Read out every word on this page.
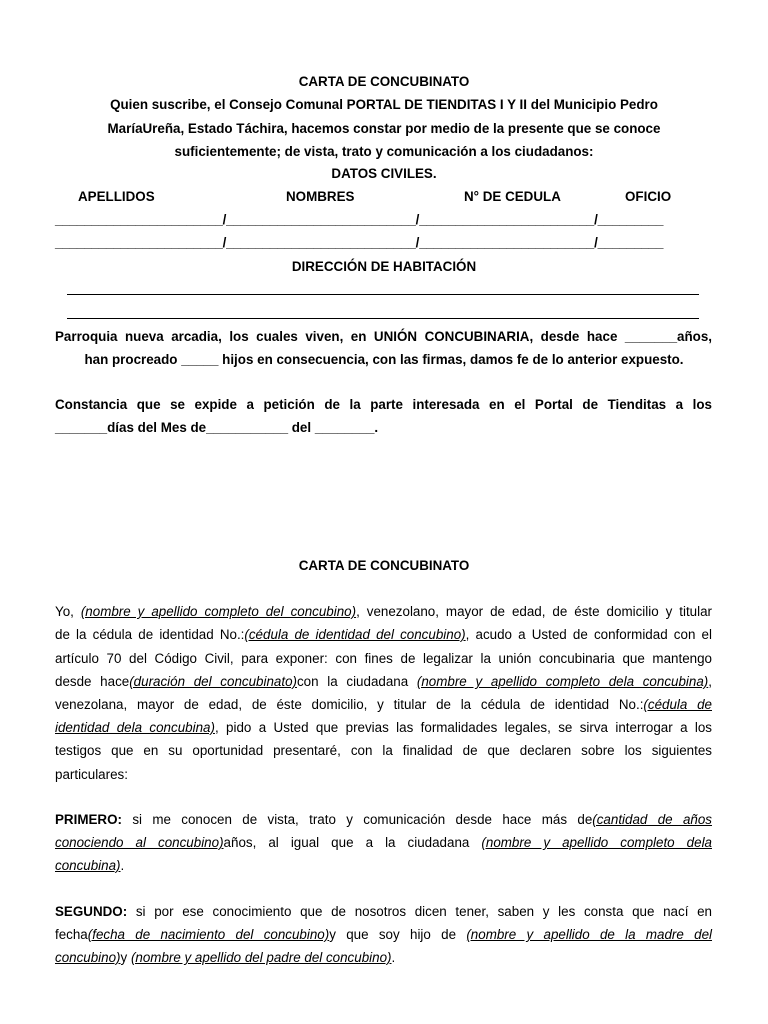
CARTA DE CONCUBINATO
Quien suscribe, el Consejo Comunal PORTAL DE TIENDITAS I Y II del Municipio Pedro
MaríaUreña, Estado Táchira, hacemos constar por medio de la presente que se conoce
suficientemente; de vista, trato y comunicación a los ciudadanos:
DATOS CIVILES.
APELLIDOS	NOMBRES	N° DE CEDULA	OFICIO
_______________________/__________________________/________________________/_________
_______________________/__________________________/________________________/_________
DIRECCIÓN DE HABITACIÓN
Parroquia nueva arcadia, los cuales viven, en UNIÓN CONCUBINARIA, desde hace _______años,
han procreado _____ hijos en consecuencia, con las firmas, damos fe de lo anterior expuesto.
Constancia que se expide a petición de la parte interesada en el Portal de Tienditas a los
_______días del Mes de___________ del ________.
CARTA DE CONCUBINATO
Yo, (nombre y apellido completo del concubino), venezolano, mayor de edad, de éste domicilio y titular
de la cédula de identidad No.:(cédula de identidad del concubino), acudo a Usted de conformidad con el
artículo 70 del Código Civil, para exponer: con fines de legalizar la unión concubinaria que mantengo
desde hace(duración del concubinato)con la ciudadana (nombre y apellido completo dela concubina),
venezolana, mayor de edad, de éste domicilio, y titular de la cédula de identidad No.:(cédula de
identidad dela concubina), pido a Usted que previas las formalidades legales, se sirva interrogar a los
testigos que en su oportunidad presentaré, con la finalidad de que declaren sobre los siguientes
particulares:
PRIMERO: si me conocen de vista, trato y comunicación desde hace más de(cantidad de años
conociendo al concubino)años, al igual que a la ciudadana (nombre y apellido completo dela
concubina).
SEGUNDO: si por ese conocimiento que de nosotros dicen tener, saben y les consta que nací en
fecha(fecha de nacimiento del concubino)y que soy hijo de (nombre y apellido de la madre del
concubino)y (nombre y apellido del padre del concubino).
